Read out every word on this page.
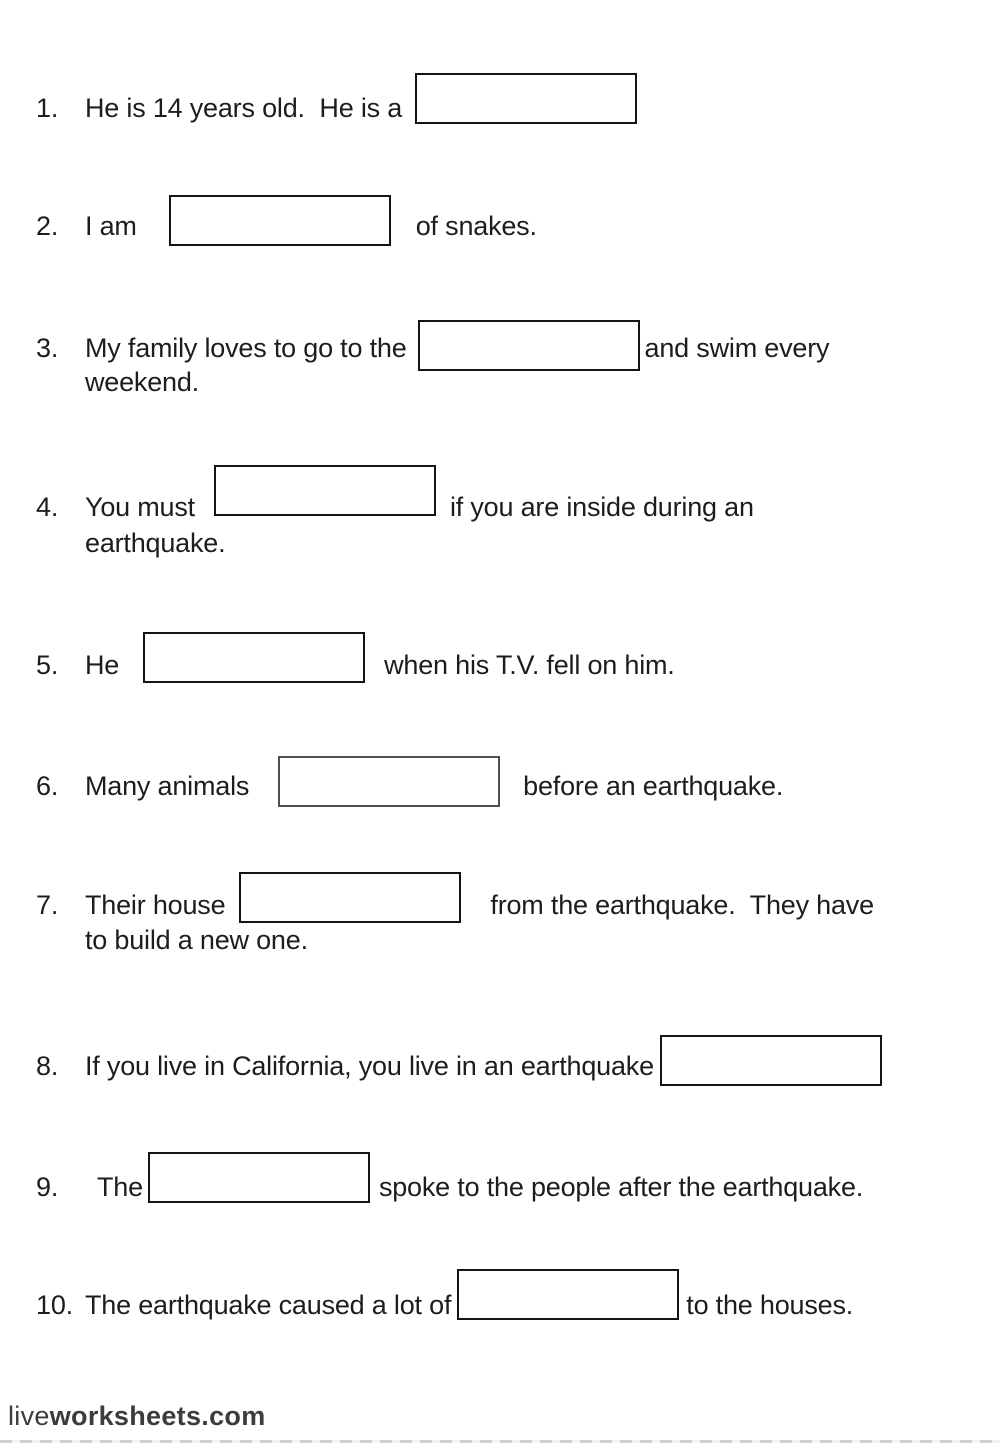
1. He is 14 years old.  He is a
2. I am	of snakes.
3. My family loves to go to the	and swim every
weekend.
4. You must	if you are inside during an
earthquake.
5. He	when his T.V. fell on him.
6. Many animals	before an earthquake.
7. Their house	from the earthquake.  They have
to build a new one.
8. If you live in California, you live in an earthquake
9.	The	spoke to the people after the earthquake.
10. The earthquake caused a lot of	to the houses.
liveworksheets.com
